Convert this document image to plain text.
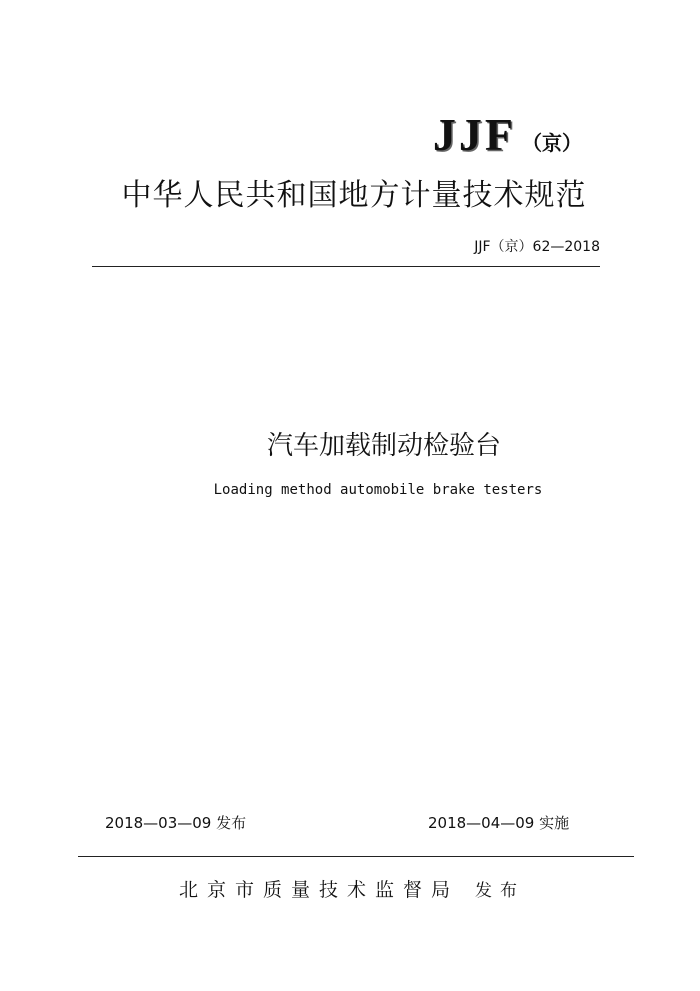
JJF （京）
中华人民共和国地方计量技术规范
JJF（京）62—2018
汽车加载制动检验台
Loading method automobile brake testers
2018—03—09 发布	2018—04—09 实施
北京市质量技术监督局 发布
